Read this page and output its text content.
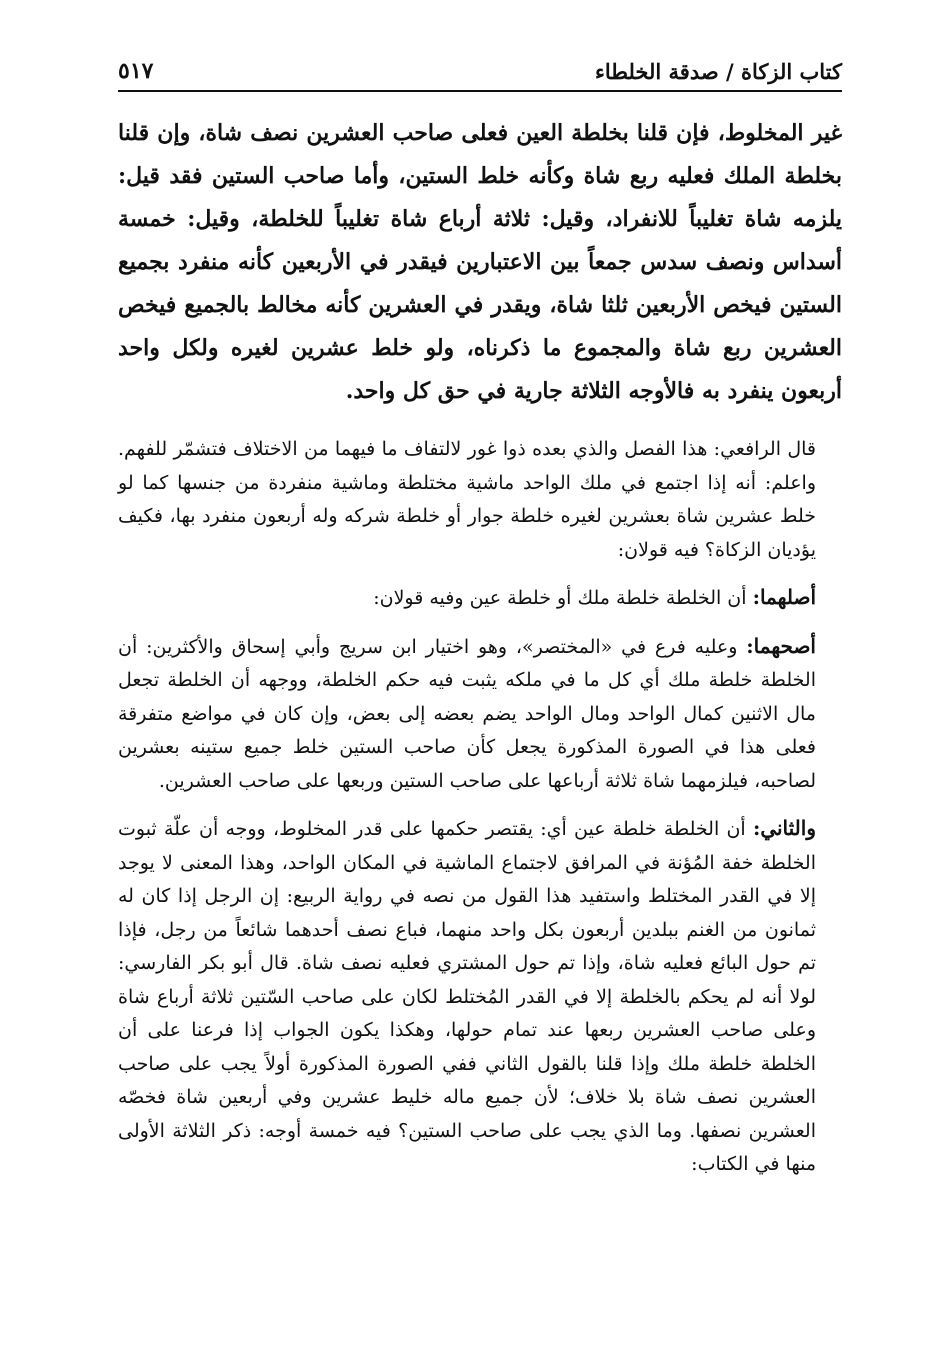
كتاب الزكاة / صدقة الخلطاء
٥١٧

غير المخلوط، فإن قلنا بخلطة العين فعلى صاحب العشرين نصف شاة، وإن قلنا بخلطة الملك فعليه ربع شاة وكأنه خلط الستين، وأما صاحب الستين فقد قيل: يلزمه شاة تغليباً للانفراد، وقيل: ثلاثة أرباع شاة تغليباً للخلطة، وقيل: خمسة أسداس ونصف سدس جمعاً بين الاعتبارين فيقدر في الأربعين كأنه منفرد بجميع الستين فيخص الأربعين ثلثا شاة، ويقدر في العشرين كأنه مخالط بالجميع فيخص العشرين ربع شاة والمجموع ما ذكرناه، ولو خلط عشرين لغيره ولكل واحد أربعون ينفرد به فالأوجه الثلاثة جارية في حق كل واحد.

قال الرافعي: هذا الفصل والذي بعده ذوا غور لالتفاف ما فيهما من الاختلاف فتشمّر للفهم. واعلم: أنه إذا اجتمع في ملك الواحد ماشية مختلطة وماشية منفردة من جنسها كما لو خلط عشرين شاة بعشرين لغيره خلطة جوار أو خلطة شركه وله أربعون منفرد بها، فكيف يؤديان الزكاة؟ فيه قولان:

أصلهما: أن الخلطة خلطة ملك أو خلطة عين وفيه قولان:

أصحهما: وعليه فرع في «المختصر»، وهو اختيار ابن سريج وأبي إسحاق والأكثرين: أن الخلطة خلطة ملك أي كل ما في ملكه يثبت فيه حكم الخلطة، ووجهه أن الخلطة تجعل مال الاثنين كمال الواحد ومال الواحد يضم بعضه إلى بعض، وإن كان في مواضع متفرقة فعلى هذا في الصورة المذكورة يجعل كأن صاحب الستين خلط جميع ستينه بعشرين لصاحبه، فيلزمهما شاة ثلاثة أرباعها على صاحب الستين وربعها على صاحب العشرين.

والثاني: أن الخلطة خلطة عين أي: يقتصر حكمها على قدر المخلوط، ووجه أن علّة ثبوت الخلطة خفة المُؤنة في المرافق لاجتماع الماشية في المكان الواحد، وهذا المعنى لا يوجد إلا في القدر المختلط واستفيد هذا القول من نصه في رواية الربيع: إن الرجل إذا كان له ثمانون من الغنم ببلدين أربعون بكل واحد منهما، فباع نصف أحدهما شائعاً من رجل، فإذا تم حول البائع فعليه شاة، وإذا تم حول المشتري فعليه نصف شاة. قال أبو بكر الفارسي: لولا أنه لم يحكم بالخلطة إلا في القدر المُختلط لكان على صاحب السّتين ثلاثة أرباع شاة وعلى صاحب العشرين ربعها عند تمام حولها، وهكذا يكون الجواب إذا فرعنا على أن الخلطة خلطة ملك وإذا قلنا بالقول الثاني ففي الصورة المذكورة أولاً يجب على صاحب العشرين نصف شاة بلا خلاف؛ لأن جميع ماله خليط عشرين وفي أربعين شاة فخصّه العشرين نصفها. وما الذي يجب على صاحب الستين؟ فيه خمسة أوجه: ذكر الثلاثة الأولى منها في الكتاب:
